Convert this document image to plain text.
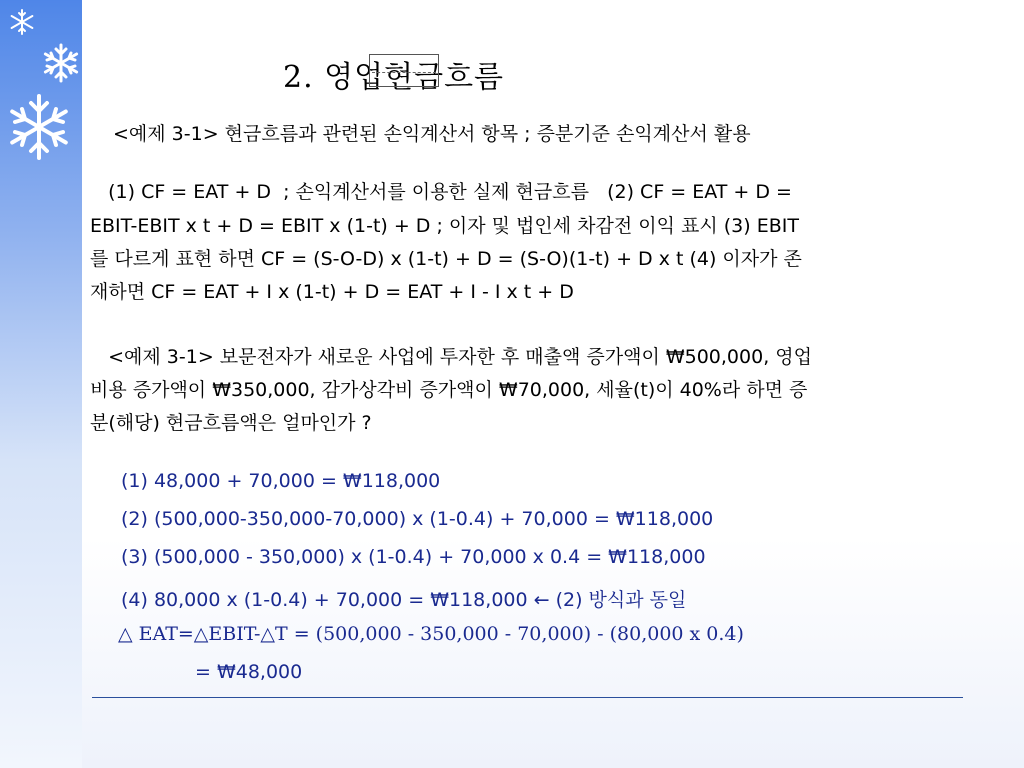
2. 영업현금흐름
<예제 3-1> 현금흐름과 관련된 손익계산서 항목 ; 증분기준 손익계산서 활용
(1) CF = EAT + D  ; 손익계산서를 이용한 실제 현금흐름   (2) CF = EAT + D =
EBIT-EBIT x t + D = EBIT x (1-t) + D ; 이자 및 법인세 차감전 이익 표시 (3) EBIT
를 다르게 표현 하면 CF = (S-O-D) x (1-t) + D = (S-O)(1-t) + D x t (4) 이자가 존
재하면 CF = EAT + I x (1-t) + D = EAT + I - I x t + D
<예제 3-1> 보문전자가 새로운 사업에 투자한 후 매출액 증가액이 ₩500,000, 영업
비용 증가액이 ₩350,000, 감가상각비 증가액이 ₩70,000, 세율(t)이 40%라 하면 증
분(해당) 현금흐름액은 얼마인가 ?
(1) 48,000 + 70,000 = ₩118,000
(2) (500,000-350,000-70,000) x (1-0.4) + 70,000 = ₩118,000
(3) (500,000 - 350,000) x (1-0.4) + 70,000 x 0.4 = ₩118,000
(4) 80,000 x (1-0.4) + 70,000 = ₩118,000 ← (2) 방식과 동일
△ EAT=△EBIT-△T = (500,000 - 350,000 - 70,000) - (80,000 x 0.4)
= ₩48,000
